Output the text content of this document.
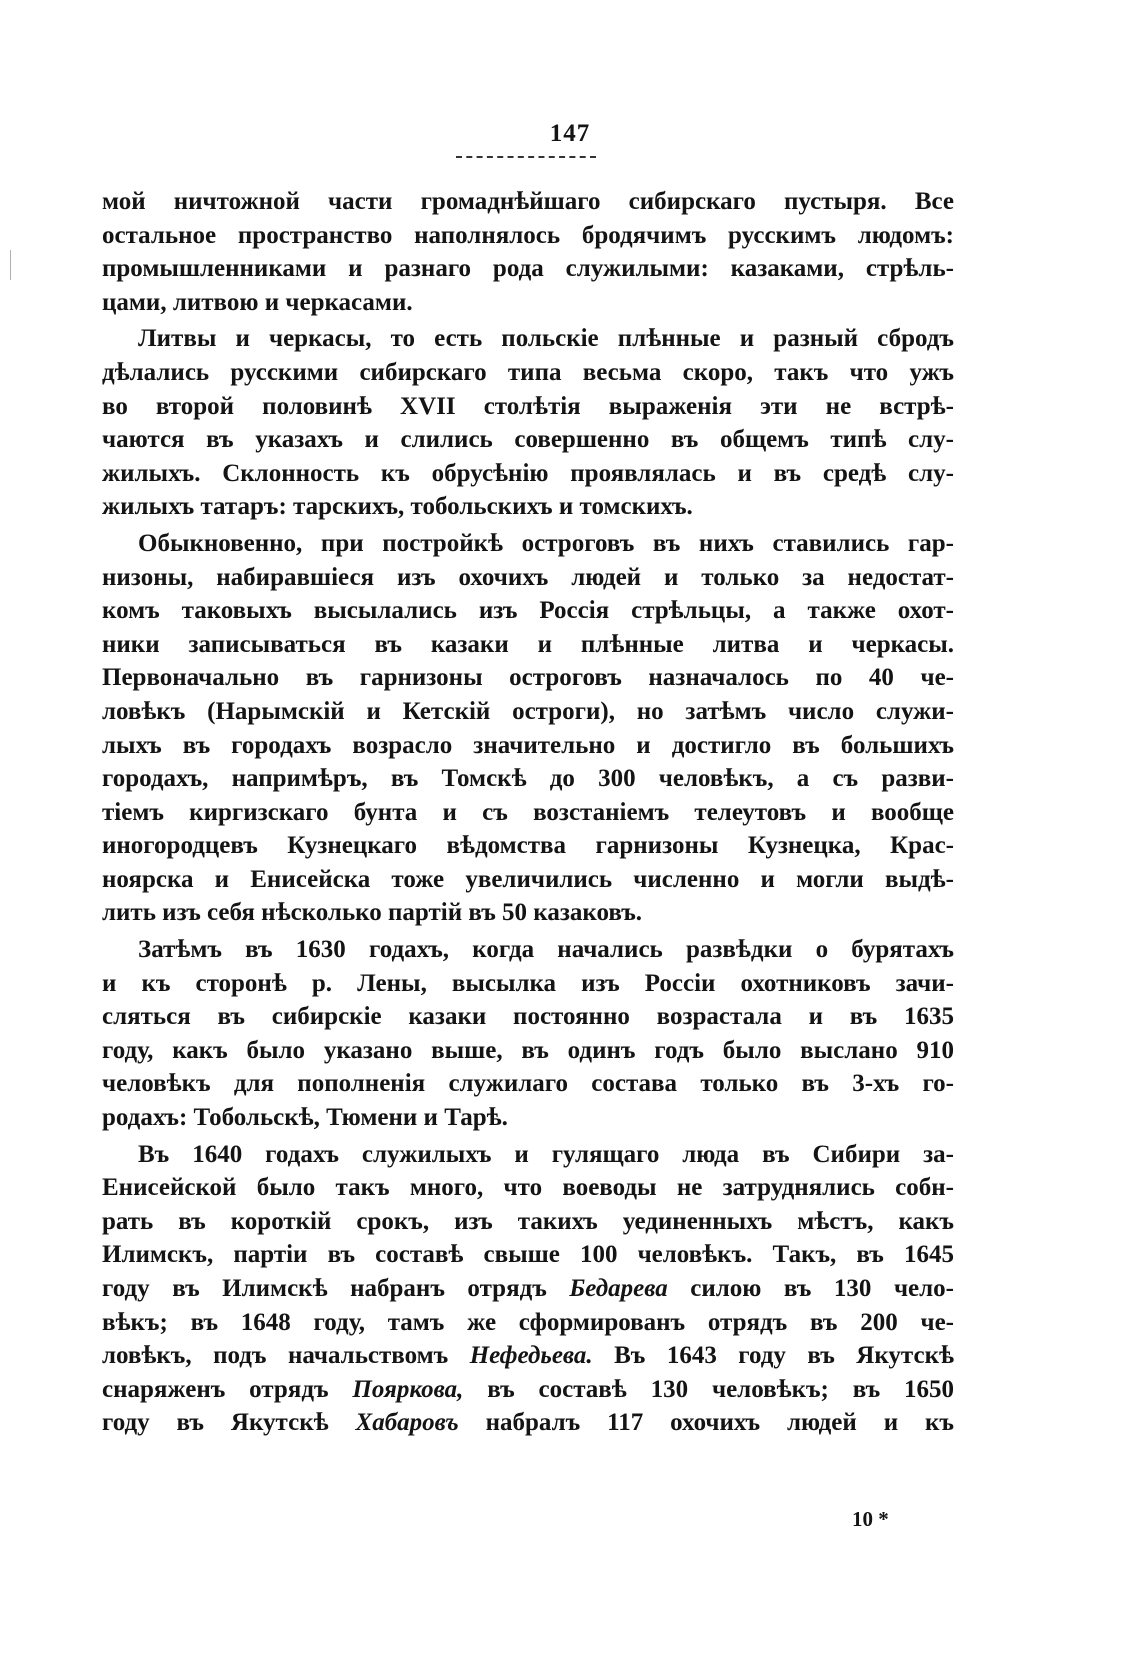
147
мой ничтожной части громаднѣйшаго сибирскаго пустыря. Все
остальное пространство наполнялось бродячимъ русскимъ людомъ:
промышленниками и разнаго рода служилыми: казаками, стрѣль-
цами, литвою и черкасами.
Литвы и черкасы, то есть польскіе плѣнные и разный сбродъ
дѣлались русскими сибирскаго типа весьма скоро, такъ что ужъ
во второй половинѣ XVII столѣтія выраженія эти не встрѣ-
чаются въ указахъ и слились совершенно въ общемъ типѣ слу-
жилыхъ. Склонность къ обрусѣнію проявлялась и въ средѣ слу-
жилыхъ татаръ: тарскихъ, тобольскихъ и томскихъ.
Обыкновенно, при постройкѣ остроговъ въ нихъ ставились гар-
низоны, набиравшіеся изъ охочихъ людей и только за недостат-
комъ таковыхъ высылались изъ Россія стрѣльцы, а также охот-
ники записываться въ казаки и плѣнные литва и черкасы.
Первоначально въ гарнизоны остроговъ назначалось по 40 че-
ловѣкъ (Нарымскій и Кетскій остроги), но затѣмъ число служи-
лыхъ въ городахъ возрасло значительно и достигло въ большихъ
городахъ, напримѣръ, въ Томскѣ до 300 человѣкъ, а съ разви-
тіемъ киргизскаго бунта и съ возстаніемъ телеутовъ и вообще
иногородцевъ Кузнецкаго вѣдомства гарнизоны Кузнецка, Крас-
ноярска и Енисейска тоже увеличились численно и могли выдѣ-
лить изъ себя нѣсколько партій въ 50 казаковъ.
Затѣмъ въ 1630 годахъ, когда начались развѣдки о бурятахъ
и къ сторонѣ р. Лены, высылка изъ Россіи охотниковъ зачи-
сляться въ сибирскіе казаки постоянно возрастала и въ 1635
году, какъ было указано выше, въ одинъ годъ было выслано 910
человѣкъ для пополненія служилаго состава только въ 3-хъ го-
родахъ: Тобольскѣ, Тюмени и Тарѣ.
Въ 1640 годахъ служилыхъ и гулящаго люда въ Сибири за-
Енисейской было такъ много, что воеводы не затруднялись собн-
рать въ короткій срокъ, изъ такихъ уединенныхъ мѣстъ, какъ
Илимскъ, партіи въ составѣ свыше 100 человѣкъ. Такъ, въ 1645
году въ Илимскѣ набранъ отрядъ Бедарева силою въ 130 чело-
вѣкъ; въ 1648 году, тамъ же сформированъ отрядъ въ 200 че-
ловѣкъ, подъ начальствомъ Нефедьева. Въ 1643 году въ Якутскѣ
снаряженъ отрядъ Пояркова, въ составѣ 130 человѣкъ; въ 1650
году въ Якутскѣ Хабаровъ набралъ 117 охочихъ людей и къ
10 *
